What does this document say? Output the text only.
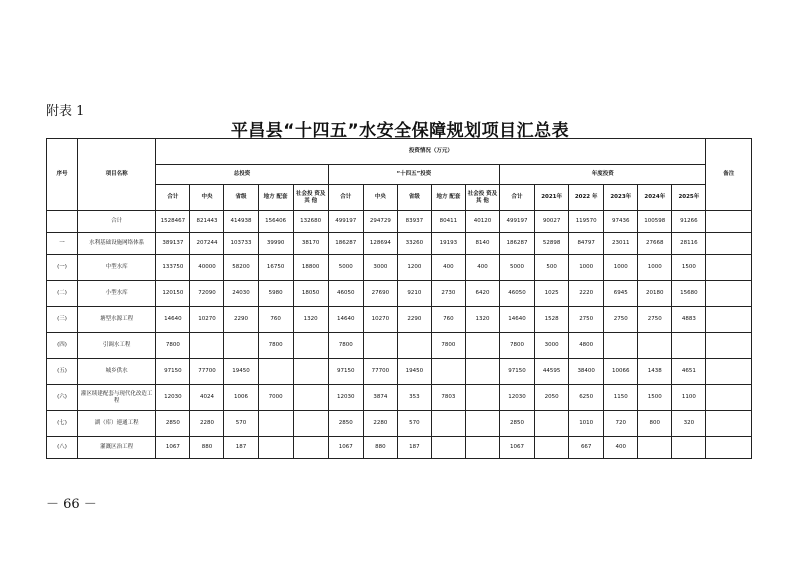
附表 1
平昌县“十四五”水安全保障规划项目汇总表
序号	项目名称	投资情况（万元）																备注
		总投资					“十四五”投资					年度投资						
		合计	中央	省级	地方 配套	社会投 资及其 他	合计	中央	省级	地方 配套	社会投 资及其 他	合计	2021年	2022 年	2023年	2024年	2025年	
	合计	1528467	821443	414938	156406	132680	499197	294729	83937	80411	40120	499197	90027	119570	97436	100598	91266	
一	水利基础设施网络体系	389137	207244	103733	39990	38170	186287	128694	33260	19193	8140	186287	52898	84797	23011	27668	28116	
(一)	中型水库	133750	40000	58200	16750	18800	5000	3000	1200	400	400	5000	500	1000	1000	1000	1500	
(二)	小型水库	120150	72090	24030	5980	18050	46050	27690	9210	2730	6420	46050	1025	2220	6945	20180	15680	
(三)	塘型水源工程	14640	10270	2290	760	1320	14640	10270	2290	760	1320	14640	1528	2750	2750	2750	4883	
(四)	引调水工程	7800			7800		7800			7800		7800	3000	4800				
(五)	城乡供水	97150	77700	19450			97150	77700	19450			97150	44595	38400	10066	1438	4651	
(六)	灌区续建配套与现代化改造工程	12030	4024	1006	7000		12030	3874	353	7803		12030	2050	6250	1150	1500	1100	
(七)	湖（库）連通工程	2850	2280	570			2850	2280	570			2850		1010	720	800	320	
(八)	灌溉区治工程	1067	880	187			1067	880	187			1067		667	400			
－ 66 －
